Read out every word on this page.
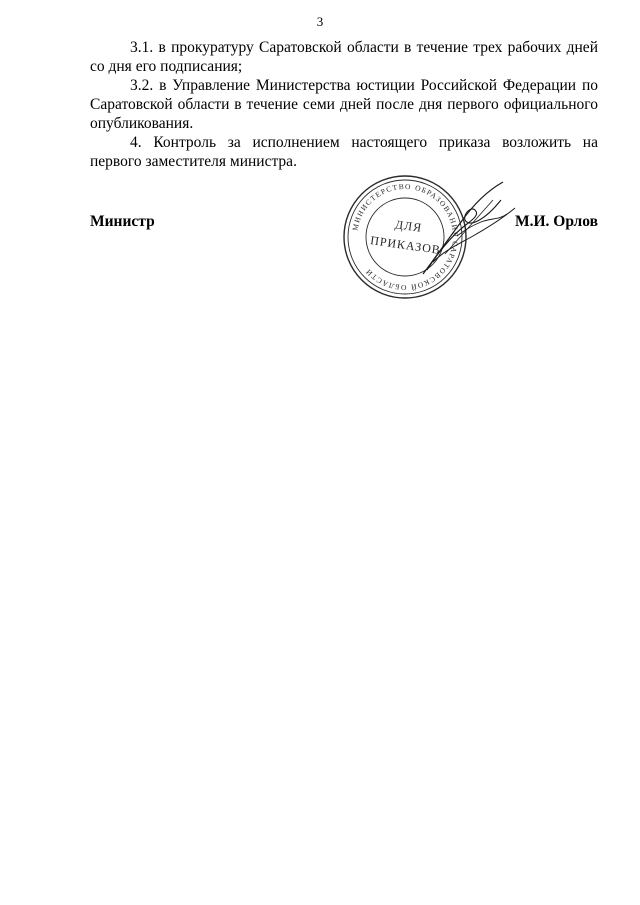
3

3.1. в прокуратуру Саратовской области в течение трех рабочих дней со дня его подписания;

3.2. в Управление Министерства юстиции Российской Федерации по Саратовской области в течение семи дней после дня первого официального опубликования.

4. Контроль за исполнением настоящего приказа возложить на первого заместителя министра.

МИНИСТЕРСТВО ОБРАЗОВАНИЯ САРАТОВСКОЙ ОБЛАСТИ
ДЛЯ
ПРИКАЗОВ
Министр	М.И. Орлов
